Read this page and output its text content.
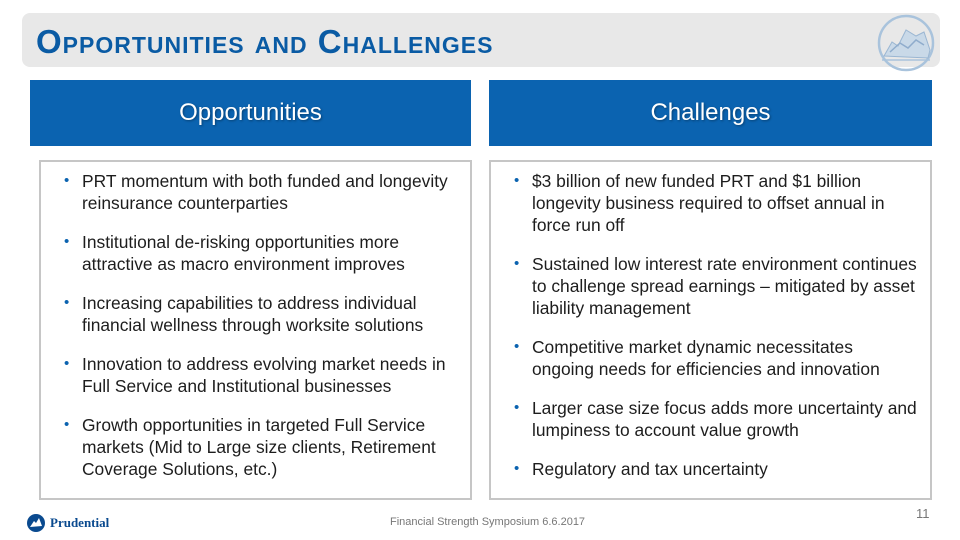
Opportunities and Challenges
Opportunities	Challenges
• PRT momentum with both funded and longevity reinsurance counterparties
• Institutional de-risking opportunities more attractive as macro environment improves
• Increasing capabilities to address individual financial wellness through worksite solutions
• Innovation to address evolving market needs in Full Service and Institutional businesses
• Growth opportunities in targeted Full Service markets (Mid to Large size clients, Retirement Coverage Solutions, etc.)
• $3 billion of new funded PRT and $1 billion longevity business required to offset annual in force run off
• Sustained low interest rate environment continues to challenge spread earnings – mitigated by asset liability management
• Competitive market dynamic necessitates ongoing needs for efficiencies and innovation
• Larger case size focus adds more uncertainty and lumpiness to account value growth
• Regulatory and tax uncertainty
Prudential	Financial Strength Symposium 6.6.2017
11
